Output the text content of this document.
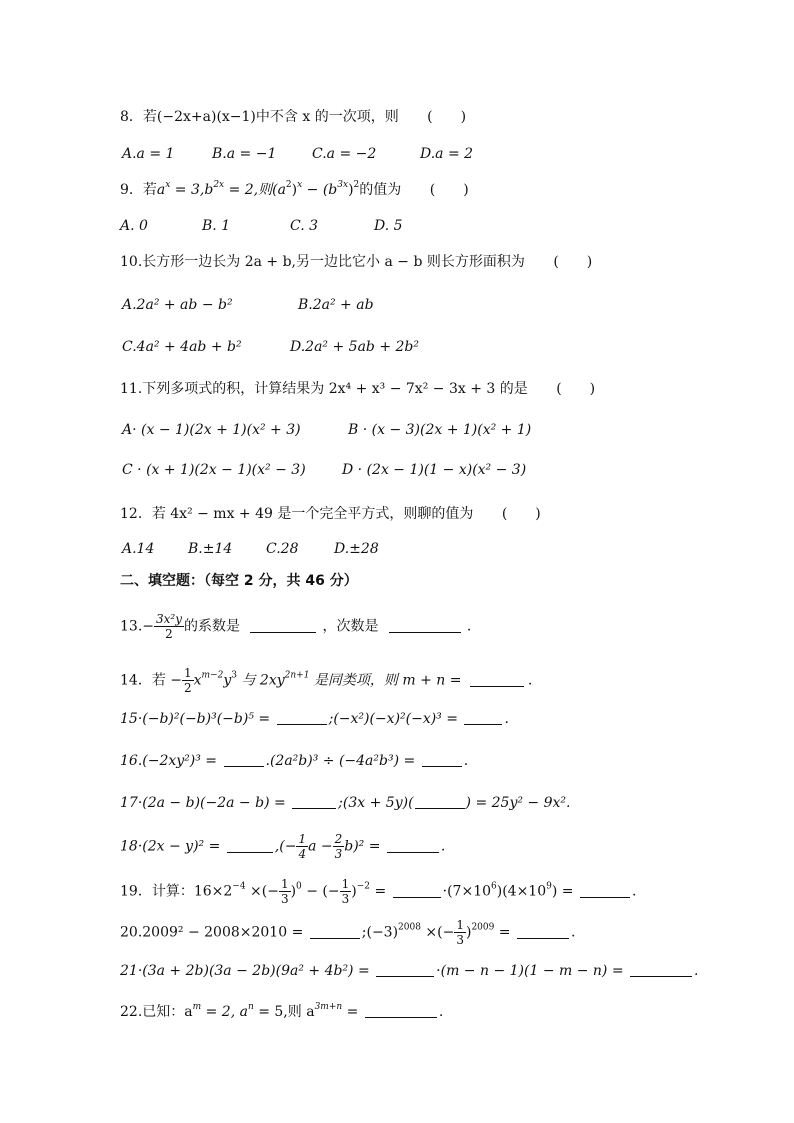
8．若(−2x+a)(x−1)中不含 x 的一次项，则 (　　)
A.a = 1	B.a = −1	C.a = −2	D.a = 2
9．若$a^x = 3,b^{2x} = 2$,则$(a^2)^x - (b^{3x})^2$的值为 (　　)
A. 0	B. 1	C. 3	D. 5
10.长方形一边长为 2a + b,另一边比它小 a − b 则长方形面积为 (　　)
A.2a² + ab − b²	B.2a² + ab
C.4a² + 4ab + b²	D.2a² + 5ab + 2b²
11.下列多项式的积，计算结果为 2x⁴ + x³ − 7x² − 3x + 3 的是 (　　)
A· (x − 1)(2x + 1)(x² + 3)	B · (x − 3)(2x + 1)(x² + 1)
C · (x + 1)(2x − 1)(x² − 3)	D · (2x − 1)(1 − x)(x² − 3)
12．若 4x² − mx + 49 是一个完全平方式，则聊的值为 (　　)
A.14 B.±14 C.28	D.±28
二、填空题：（每空 2 分，共 46 分）
$13.- \frac{\text{3x²y}}{2}$ 的系数是	，次数是	.
14．若 − $\frac{1}{2} x^{m-2}y^3$ 与 $2xy^{2n+1}$ 是同类项，则 m + n =	.
15·(−b)²(−b)³(−b)⁵ =	;(−x²)(−x)²(−x)³ =	.
16.(−2xy²)³ =	.(2a²b)³ ÷ (−4a²b³) =	.
17·(2a − b)(−2a − b) =	;(3x + 5y)(	) = 25y² − 9x².
18·(2x − y)² =	,(− $\frac{1}{4}$ $a - \frac{2}{3} b)^2$ =	.
19．计算：$16\times 2^{-4}$ ×(− $\frac{1}{3} )^0$ − (− $\frac{1}{3} )^{-2}$ =	$\cdot(7\times 10^6)(4\times 10^9)$ =	.
20.2009² − 2008×2010 =	$;(-3)^{2008}$ ×(− $\frac{1}{3} )^{2009}$ =	.
21·(3a + 2b)(3a − 2b)(9a² + 4b²) =	·(m − n − 1)(1 − m − n) =	.
22.已知：$a^m = 2$, $a^n = 5$,则 $a^{3m+n}$ =	.
